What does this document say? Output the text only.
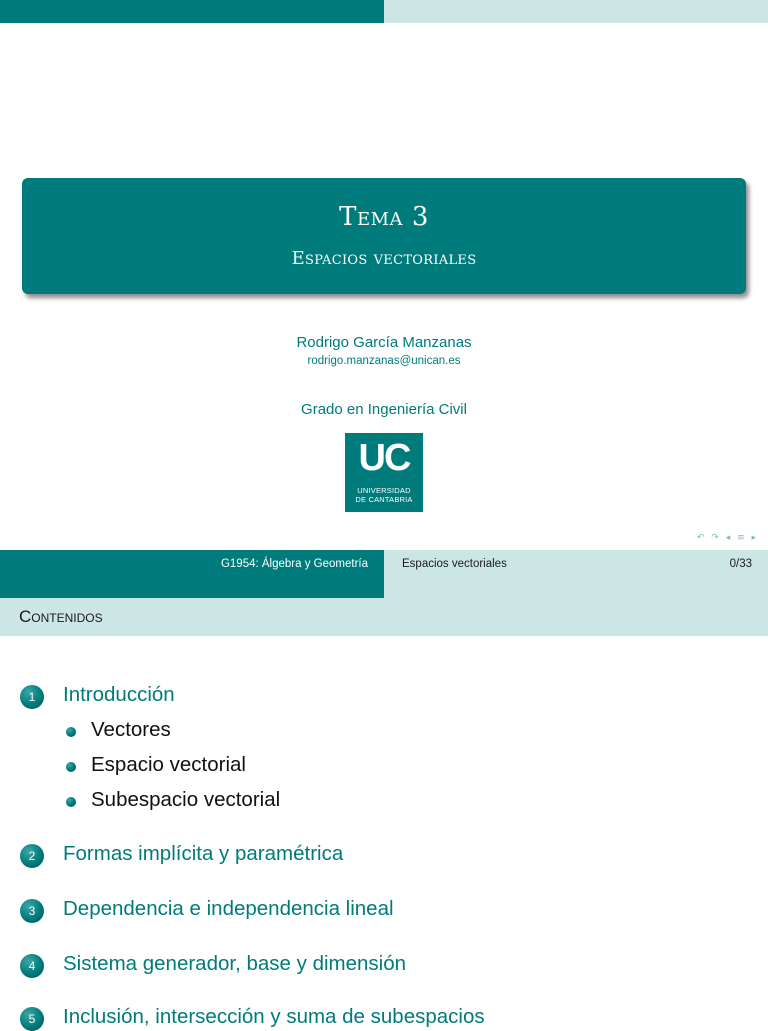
Tema 3
Espacios vectoriales
Rodrigo García Manzanas
rodrigo.manzanas@unican.es
Grado en Ingeniería Civil
UC
UNIVERSIDAD
DE CANTABRIA
↶ ↷ ◂ ≡ ▸
G1954: Álgebra y Geometría	Espacios vectoriales	0/33
Contenidos
1	Introducción
Vectores
Espacio vectorial
Subespacio vectorial
2	Formas implícita y paramétrica
3	Dependencia e independencia lineal
4	Sistema generador, base y dimensión
5	Inclusión, intersección y suma de subespacios
